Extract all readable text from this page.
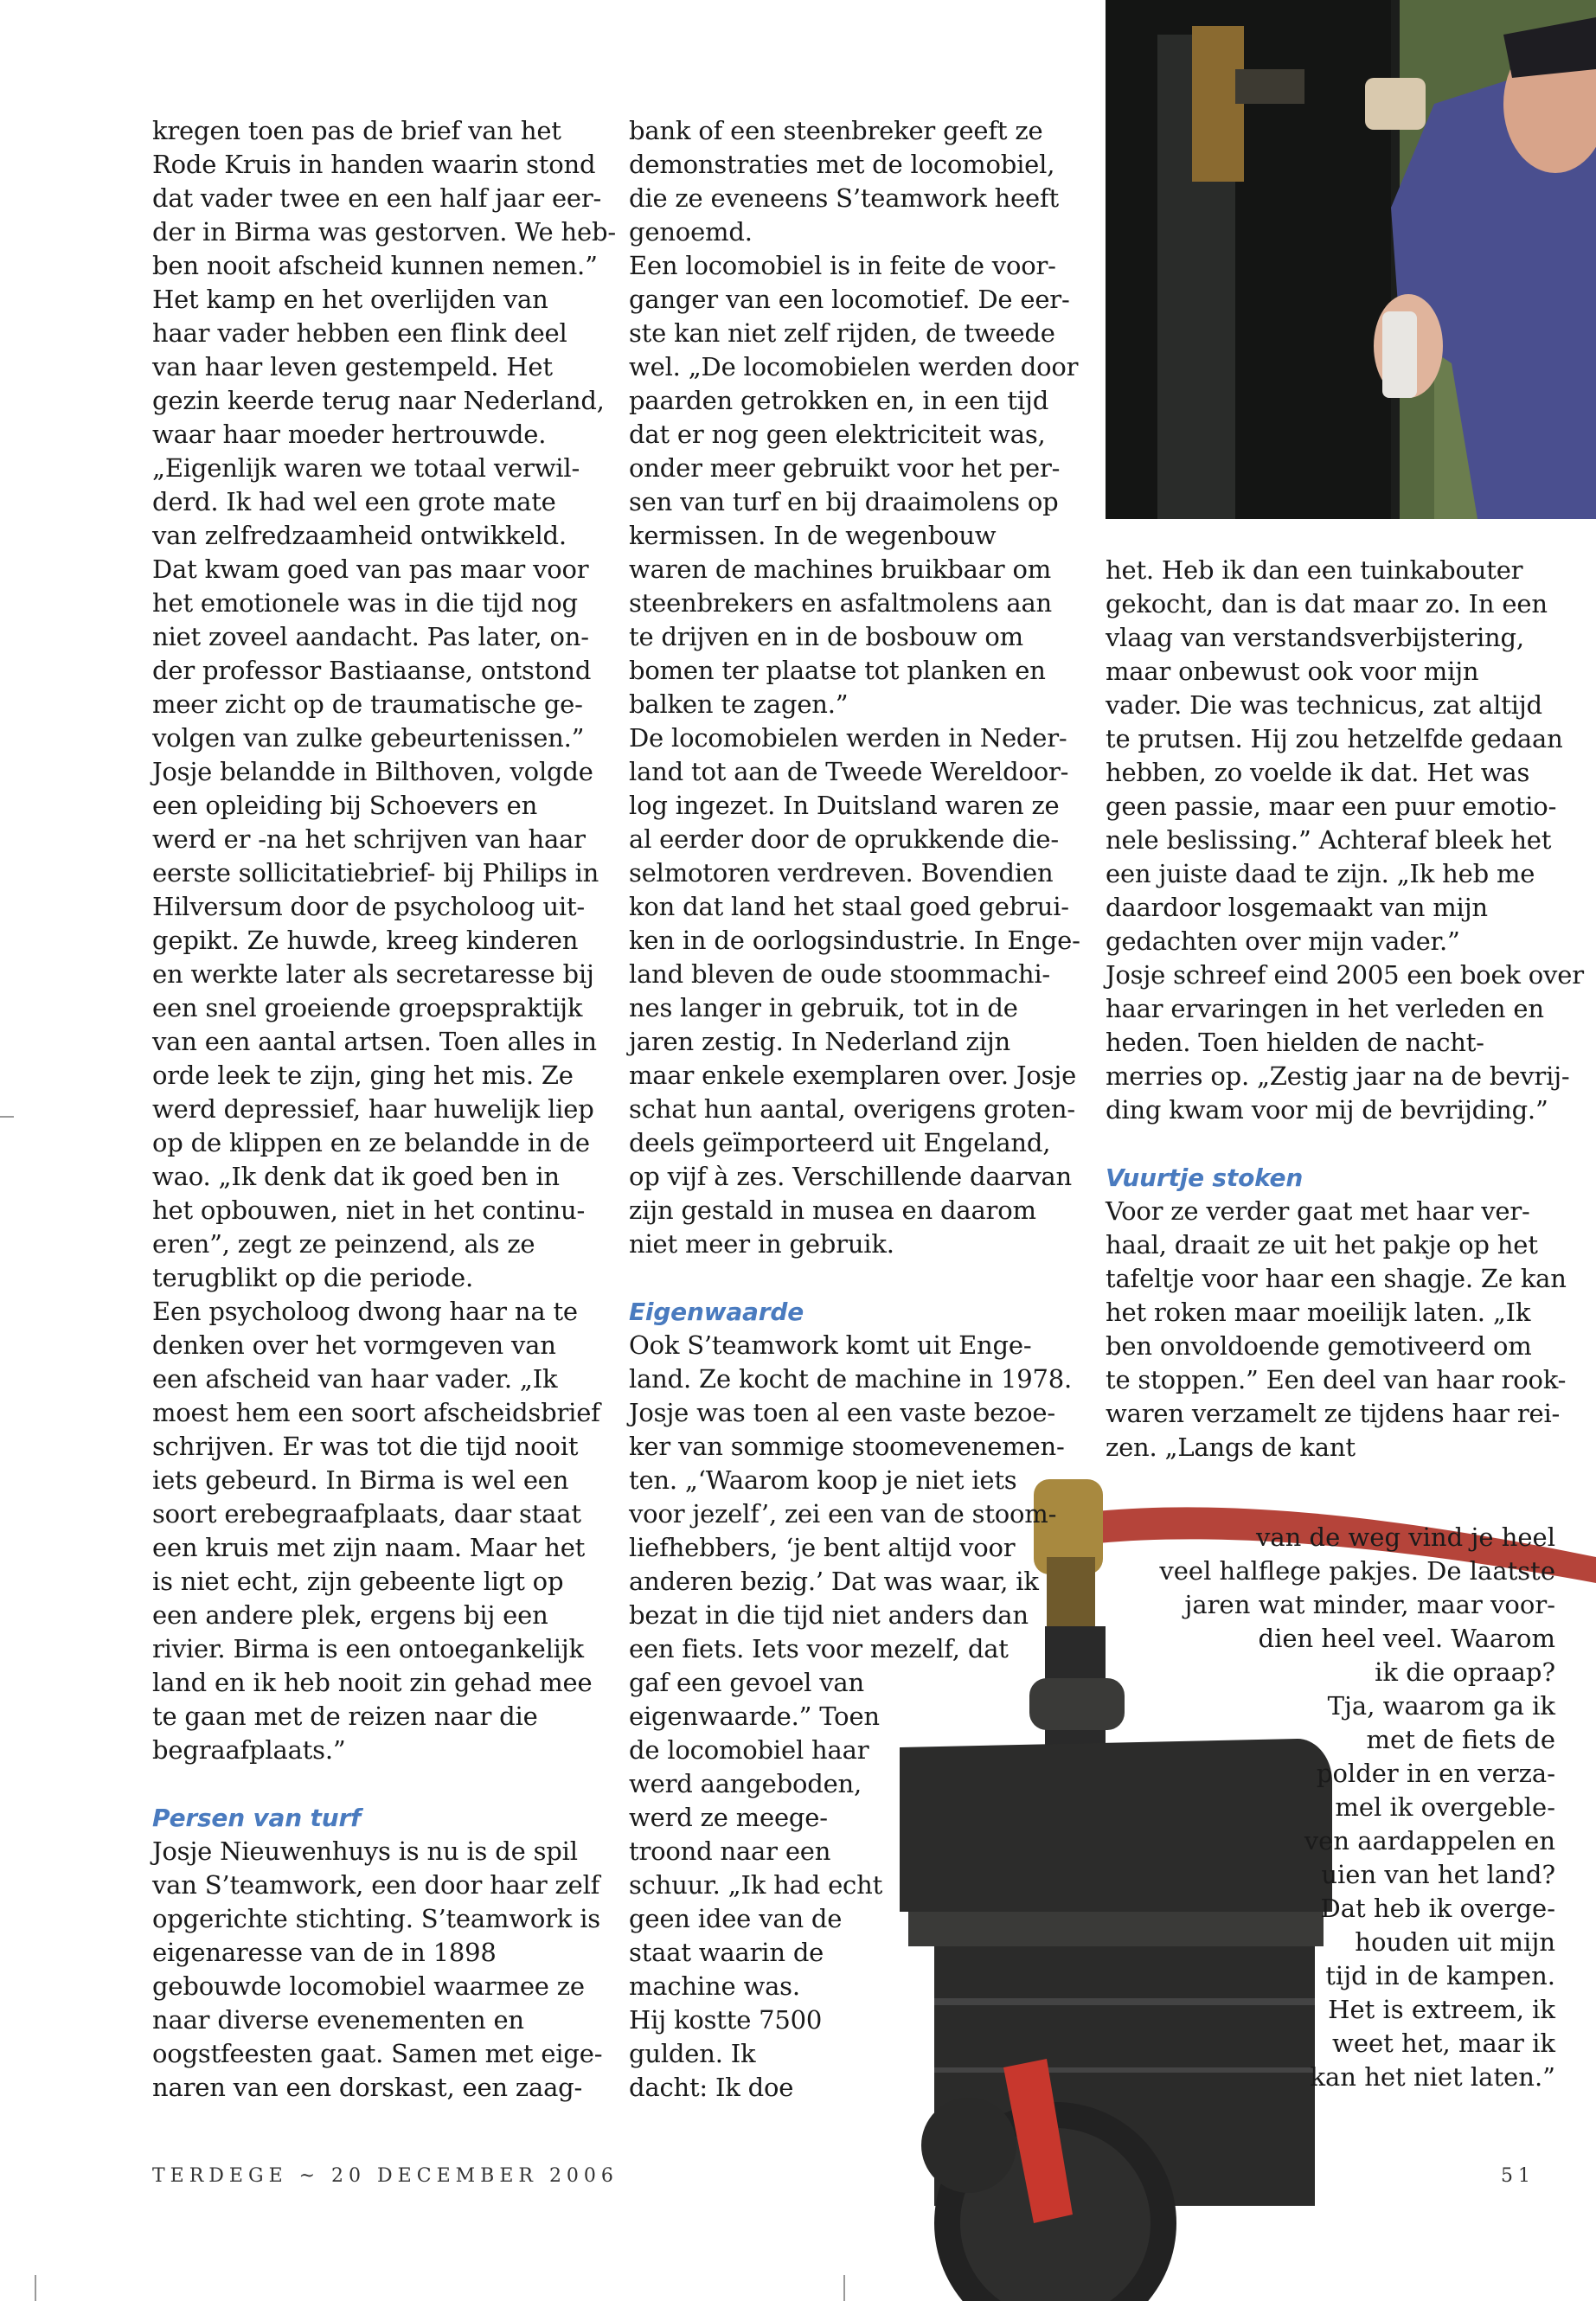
kregen toen pas de brief van het
Rode Kruis in handen waarin stond
dat vader twee en een half jaar eer-
der in Birma was gestorven. We heb-
ben nooit afscheid kunnen nemen.”
Het kamp en het overlijden van
haar vader hebben een flink deel
van haar leven gestempeld. Het
gezin keerde terug naar Nederland,
waar haar moeder hertrouwde.
„Eigenlijk waren we totaal verwil-
derd. Ik had wel een grote mate
van zelfredzaamheid ontwikkeld.
Dat kwam goed van pas maar voor
het emotionele was in die tijd nog
niet zoveel aandacht. Pas later, on-
der professor Bastiaanse, ontstond
meer zicht op de traumatische ge-
volgen van zulke gebeurtenissen.”
Josje belandde in Bilthoven, volgde
een opleiding bij Schoevers en
werd er -na het schrijven van haar
eerste sollicitatiebrief- bij Philips in
Hilversum door de psycholoog uit-
gepikt. Ze huwde, kreeg kinderen
en werkte later als secretaresse bij
een snel groeiende groepspraktijk
van een aantal artsen. Toen alles in
orde leek te zijn, ging het mis. Ze
werd depressief, haar huwelijk liep
op de klippen en ze belandde in de
wao. „Ik denk dat ik goed ben in
het opbouwen, niet in het continu-
eren”, zegt ze peinzend, als ze
terugblikt op die periode.
Een psycholoog dwong haar na te
denken over het vormgeven van
een afscheid van haar vader. „Ik
moest hem een soort afscheidsbrief
schrijven. Er was tot die tijd nooit
iets gebeurd. In Birma is wel een
soort erebegraafplaats, daar staat
een kruis met zijn naam. Maar het
is niet echt, zijn gebeente ligt op
een andere plek, ergens bij een
rivier. Birma is een ontoegankelijk
land en ik heb nooit zin gehad mee
te gaan met de reizen naar die
begraafplaats.”
Persen van turf
Josje Nieuwenhuys is nu is de spil
van S’teamwork, een door haar zelf
opgerichte stichting. S’teamwork is
eigenaresse van de in 1898
gebouwde locomobiel waarmee ze
naar diverse evenementen en
oogstfeesten gaat. Samen met eige-
naren van een dorskast, een zaag-
bank of een steenbreker geeft ze
demonstraties met de locomobiel,
die ze eveneens S’teamwork heeft
genoemd.
Een locomobiel is in feite de voor-
ganger van een locomotief. De eer-
ste kan niet zelf rijden, de tweede
wel. „De locomobielen werden door
paarden getrokken en, in een tijd
dat er nog geen elektriciteit was,
onder meer gebruikt voor het per-
sen van turf en bij draaimolens op
kermissen. In de wegenbouw
waren de machines bruikbaar om
steenbrekers en asfaltmolens aan
te drijven en in de bosbouw om
bomen ter plaatse tot planken en
balken te zagen.”
De locomobielen werden in Neder-
land tot aan de Tweede Wereldoor-
log ingezet. In Duitsland waren ze
al eerder door de oprukkende die-
selmotoren verdreven. Bovendien
kon dat land het staal goed gebrui-
ken in de oorlogsindustrie. In Enge-
land bleven de oude stoommachi-
nes langer in gebruik, tot in de
jaren zestig. In Nederland zijn
maar enkele exemplaren over. Josje
schat hun aantal, overigens groten-
deels geïmporteerd uit Engeland,
op vijf à zes. Verschillende daarvan
zijn gestald in musea en daarom
niet meer in gebruik.
Eigenwaarde
Ook S’teamwork komt uit Enge-
land. Ze kocht de machine in 1978.
Josje was toen al een vaste bezoe-
ker van sommige stoomevenemen-
ten. „‘Waarom koop je niet iets
voor jezelf’, zei een van de stoom-
liefhebbers, ‘je bent altijd voor
anderen bezig.’ Dat was waar, ik
bezat in die tijd niet anders dan
een fiets. Iets voor mezelf, dat
gaf een gevoel van
eigenwaarde.” Toen
de locomobiel haar
werd aangeboden,
werd ze meege-
troond naar een
schuur. „Ik had echt
geen idee van de
staat waarin de
machine was.
Hij kostte 7500
gulden. Ik
dacht: Ik doe
het. Heb ik dan een tuinkabouter
gekocht, dan is dat maar zo. In een
vlaag van verstandsverbijstering,
maar onbewust ook voor mijn
vader. Die was technicus, zat altijd
te prutsen. Hij zou hetzelfde gedaan
hebben, zo voelde ik dat. Het was
geen passie, maar een puur emotio-
nele beslissing.” Achteraf bleek het
een juiste daad te zijn. „Ik heb me
daardoor losgemaakt van mijn
gedachten over mijn vader.”
Josje schreef eind 2005 een boek over
haar ervaringen in het verleden en
heden. Toen hielden de nacht-
merries op. „Zestig jaar na de bevrij-
ding kwam voor mij de bevrijding.”
Vuurtje stoken
Voor ze verder gaat met haar ver-
haal, draait ze uit het pakje op het
tafeltje voor haar een shagje. Ze kan
het roken maar moeilijk laten. „Ik
ben onvoldoende gemotiveerd om
te stoppen.” Een deel van haar rook-
waren verzamelt ze tijdens haar rei-
zen. „Langs de kant
van de weg vind je heel
veel halflege pakjes. De laatste
jaren wat minder, maar voor-
dien heel veel. Waarom
ik die opraap?
Tja, waarom ga ik
met de fiets de
polder in en verza-
mel ik overgeble-
ven aardappelen en
uien van het land?
Dat heb ik overge-
houden uit mijn
tijd in de kampen.
Het is extreem, ik
weet het, maar ik
kan het niet laten.”
TERDEGE ~ 20 DECEMBER 2006	51
